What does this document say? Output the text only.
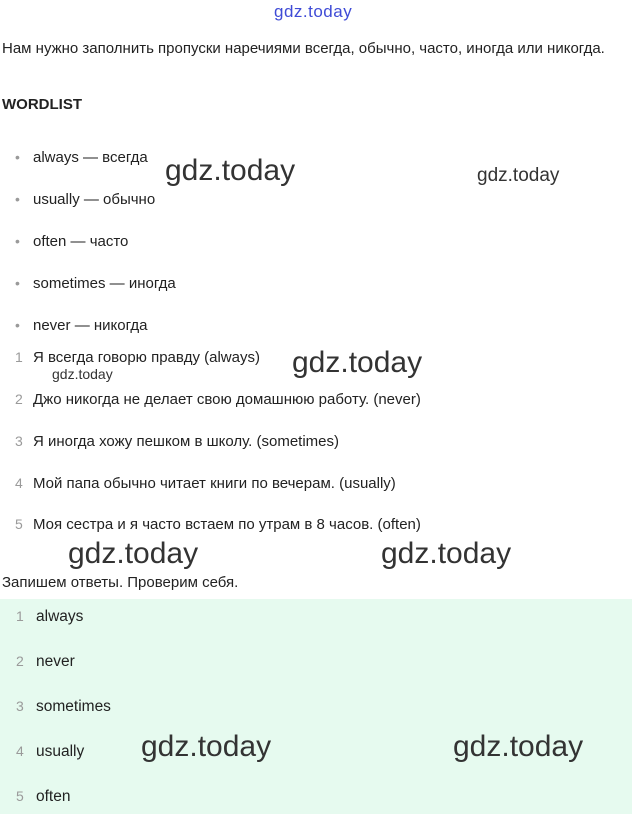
gdz.today
Нам нужно заполнить пропуски наречиями всегда, обычно, часто, иногда или никогда.
WORDLIST
• always — всегда
• usually — обычно
• often — часто
• sometimes — иногда
• never — никогда
1 Я всегда говорю правду (always)
2 Джо никогда не делает свою домашнюю работу. (never)
3 Я иногда хожу пешком в школу. (sometimes)
4 Мой папа обычно читает книги по вечерам. (usually)
5 Моя сестра и я часто встаем по утрам в 8 часов. (often)
Запишем ответы. Проверим себя.
1 always
2 never
3 sometimes
4 usually
5 often
gdz.today	gdz.today
gdz.today
gdz.today
gdz.today	gdz.today
gdz.today	gdz.today
